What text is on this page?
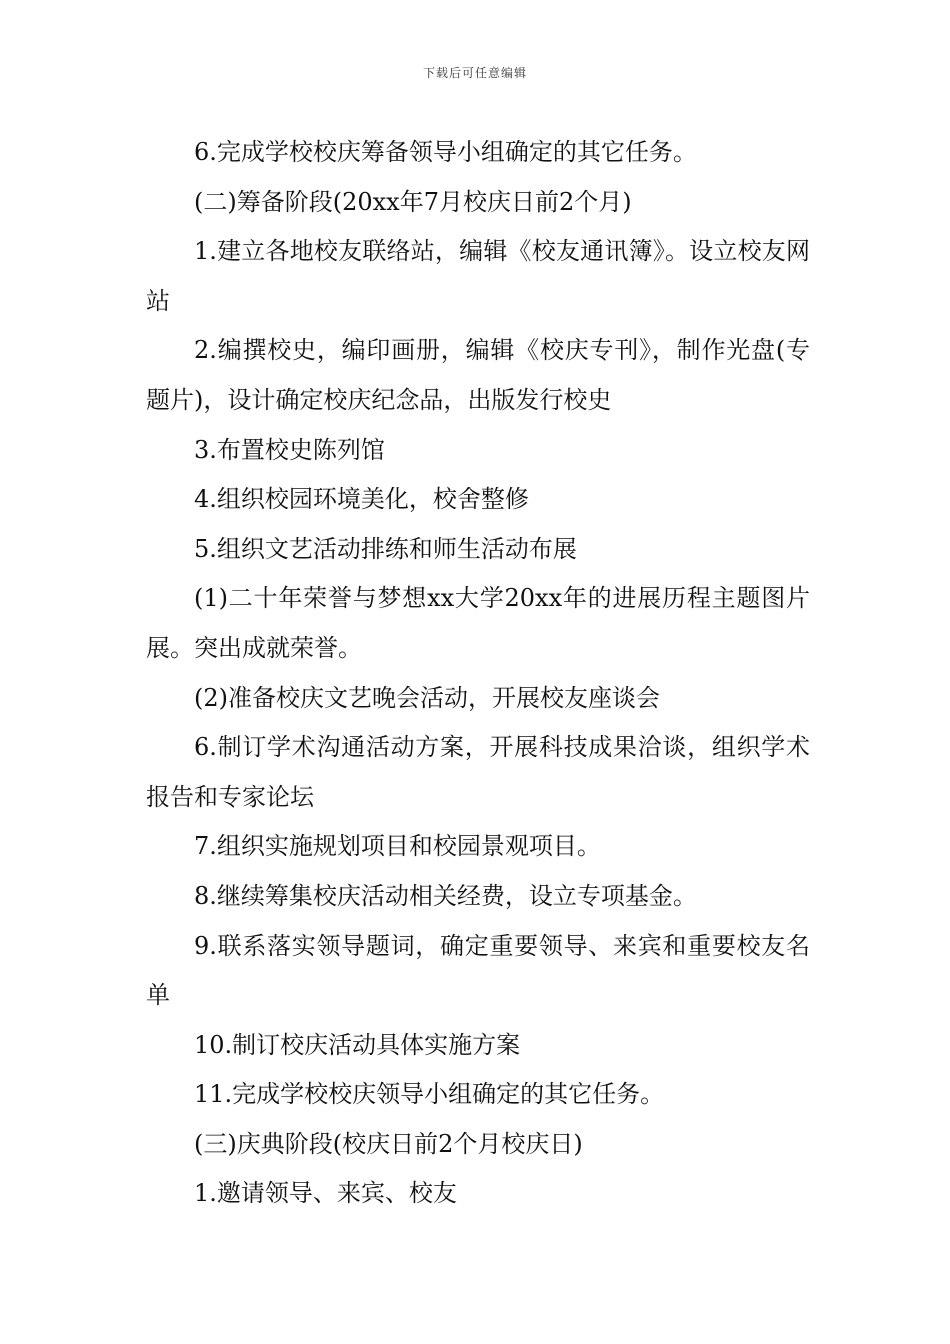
下载后可任意编辑

6.完成学校校庆筹备领导小组确定的其它任务。

(二)筹备阶段(20xx年7月校庆日前2个月)

1.建立各地校友联络站，编辑《校友通讯簿》。设立校友网站

2.编撰校史，编印画册，编辑《校庆专刊》，制作光盘(专题片)，设计确定校庆纪念品，出版发行校史

3.布置校史陈列馆

4.组织校园环境美化，校舍整修

5.组织文艺活动排练和师生活动布展

(1)二十年荣誉与梦想xx大学20xx年的进展历程主题图片展。突出成就荣誉。

(2)准备校庆文艺晚会活动，开展校友座谈会

6.制订学术沟通活动方案，开展科技成果洽谈，组织学术报告和专家论坛

7.组织实施规划项目和校园景观项目。

8.继续筹集校庆活动相关经费，设立专项基金。

9.联系落实领导题词，确定重要领导、来宾和重要校友名单

10.制订校庆活动具体实施方案

11.完成学校校庆领导小组确定的其它任务。

(三)庆典阶段(校庆日前2个月校庆日)

1.邀请领导、来宾、校友
